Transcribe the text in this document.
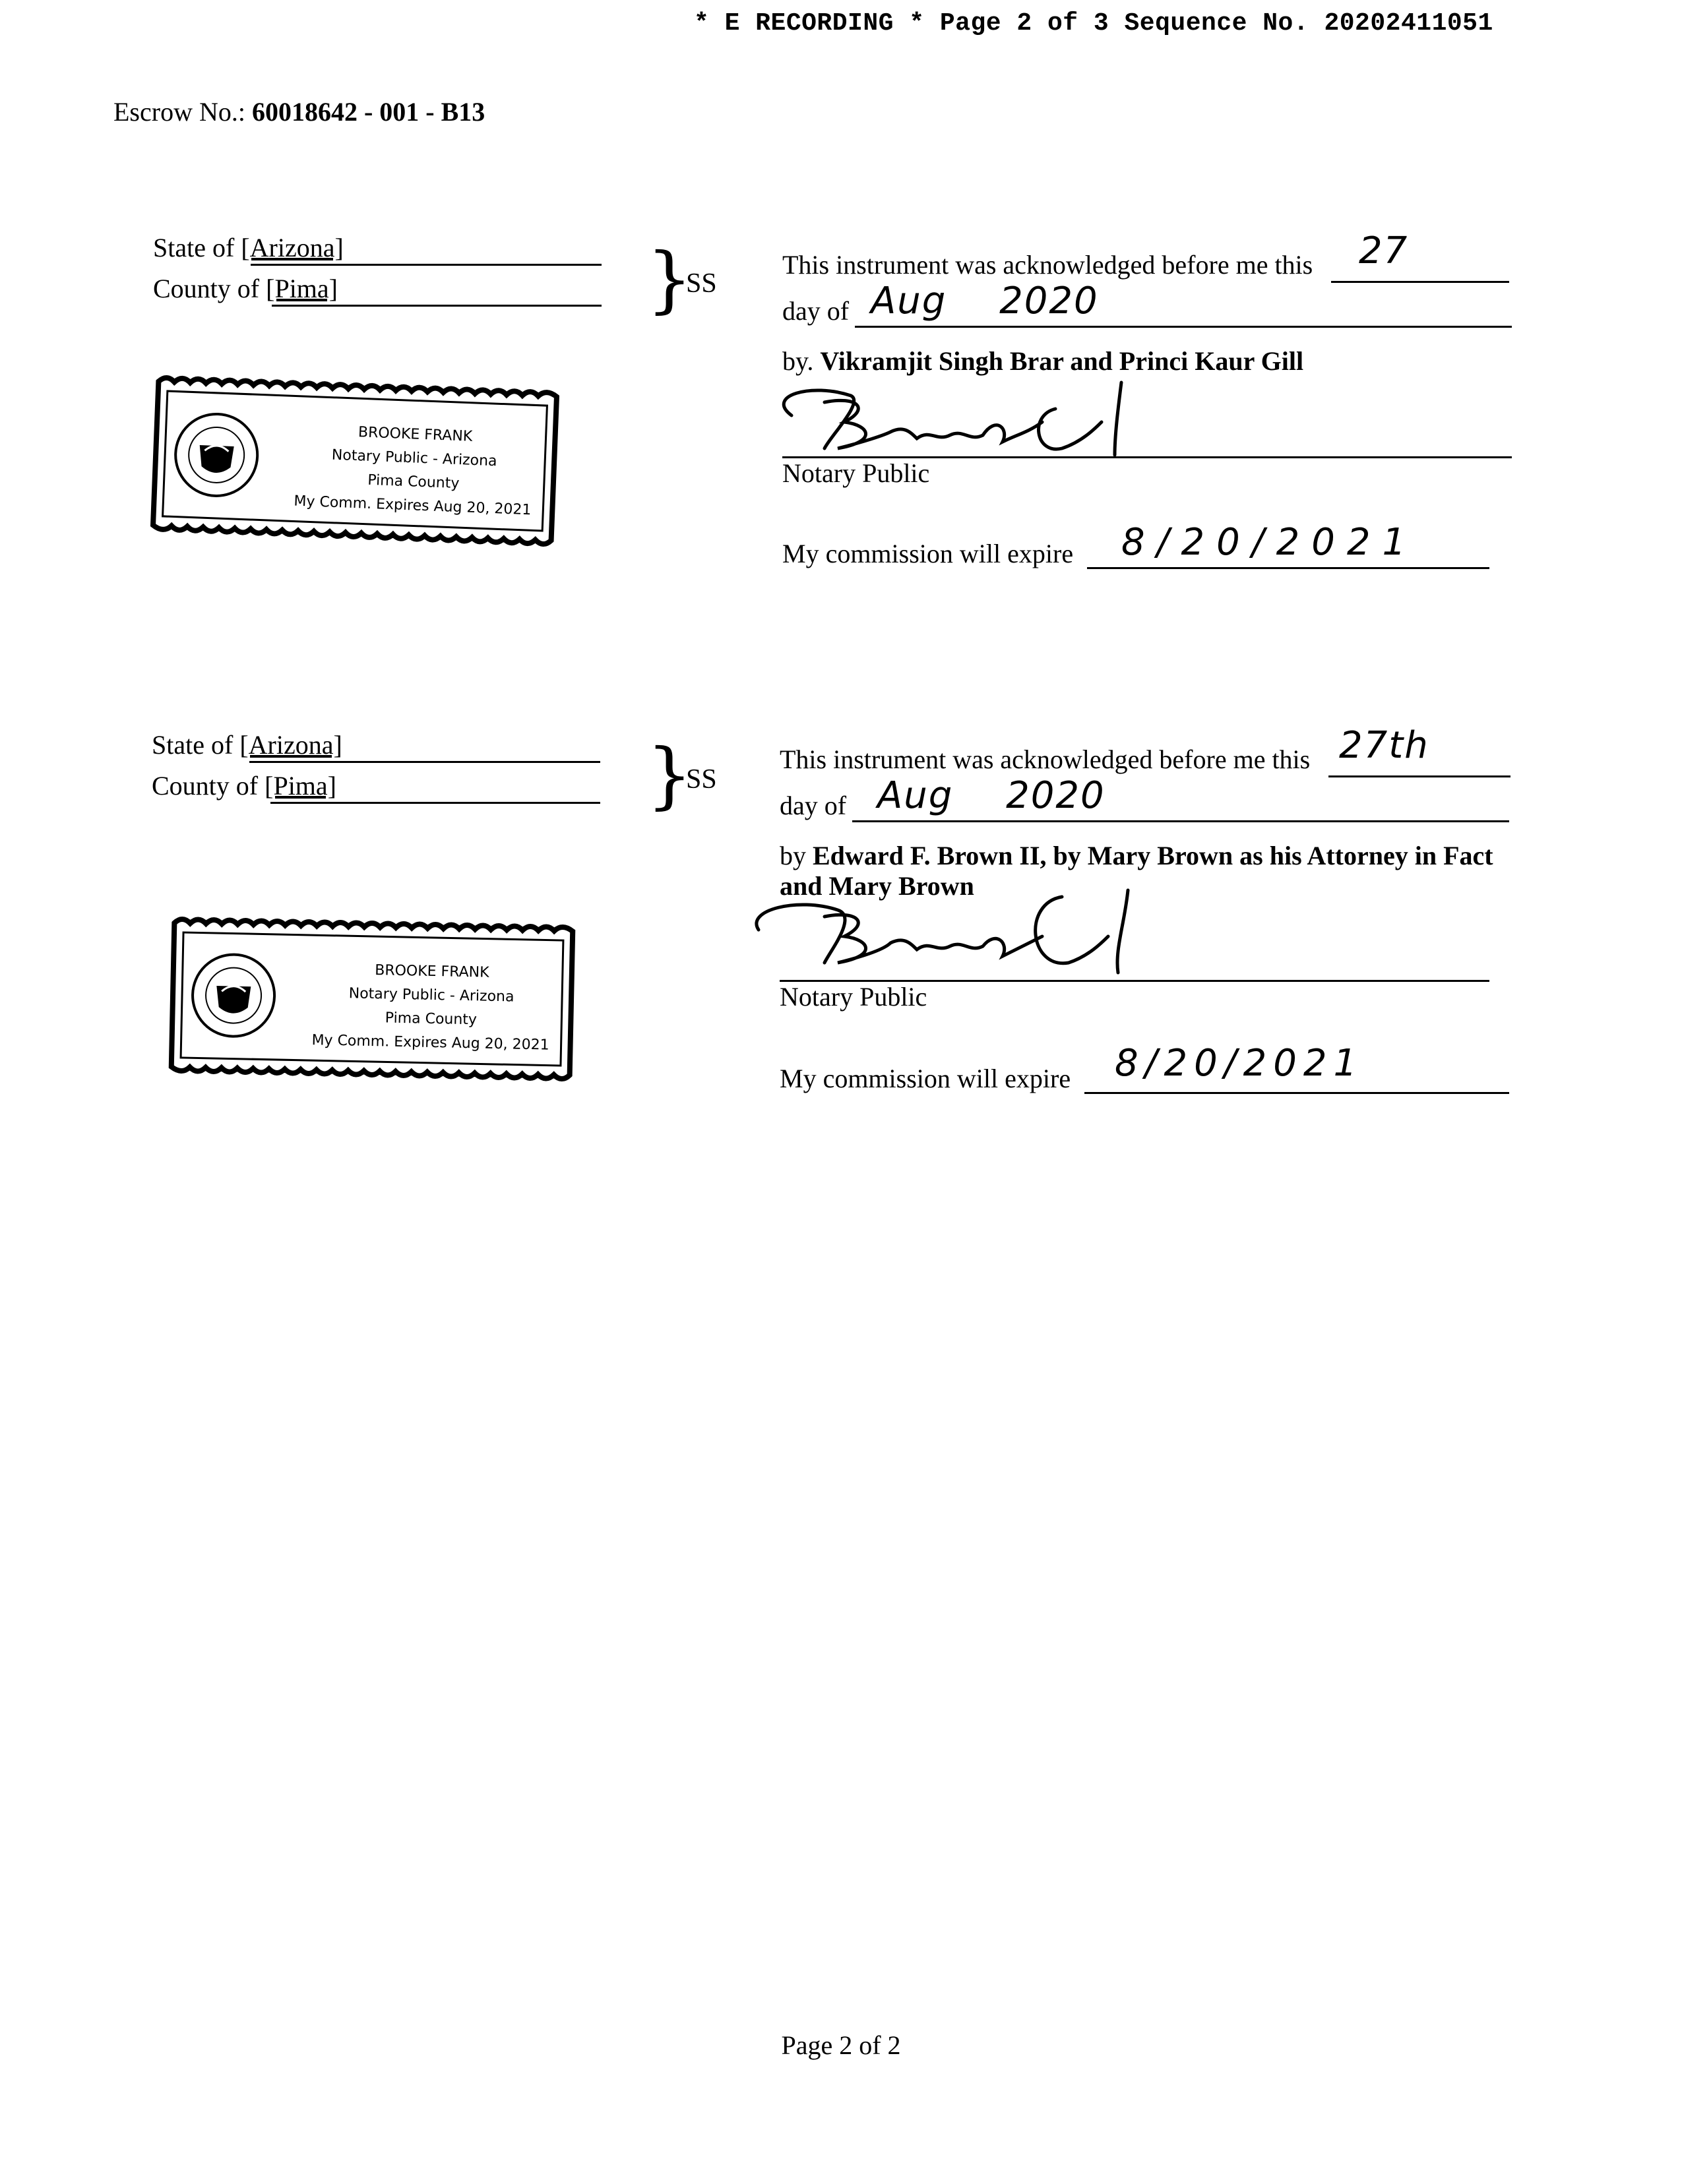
* E RECORDING * Page 2 of 3 Sequence No. 20202411051
Escrow No.: 60018642 - 001 - B13
State of [Arizona]
County of [Pima]	}
SS
This instrument was acknowledged before me this 27
day of Aug 2020
by. Vikramjit Singh Brar and Princi Kaur Gill
Notary Public
My commission will expire 8/20/2021
BROOKE FRANK
Notary Public - Arizona
Pima County
My Comm. Expires Aug 20, 2021
State of [Arizona]
County of [Pima]	}
SS
This instrument was acknowledged before me this 27th
day of Aug 2020
by Edward F. Brown II, by Mary Brown as his Attorney in Fact
and Mary Brown
Notary Public
My commission will expire 8/20/2021
BROOKE FRANK
Notary Public - Arizona
Pima County
My Comm. Expires Aug 20, 2021
Page 2 of 2
